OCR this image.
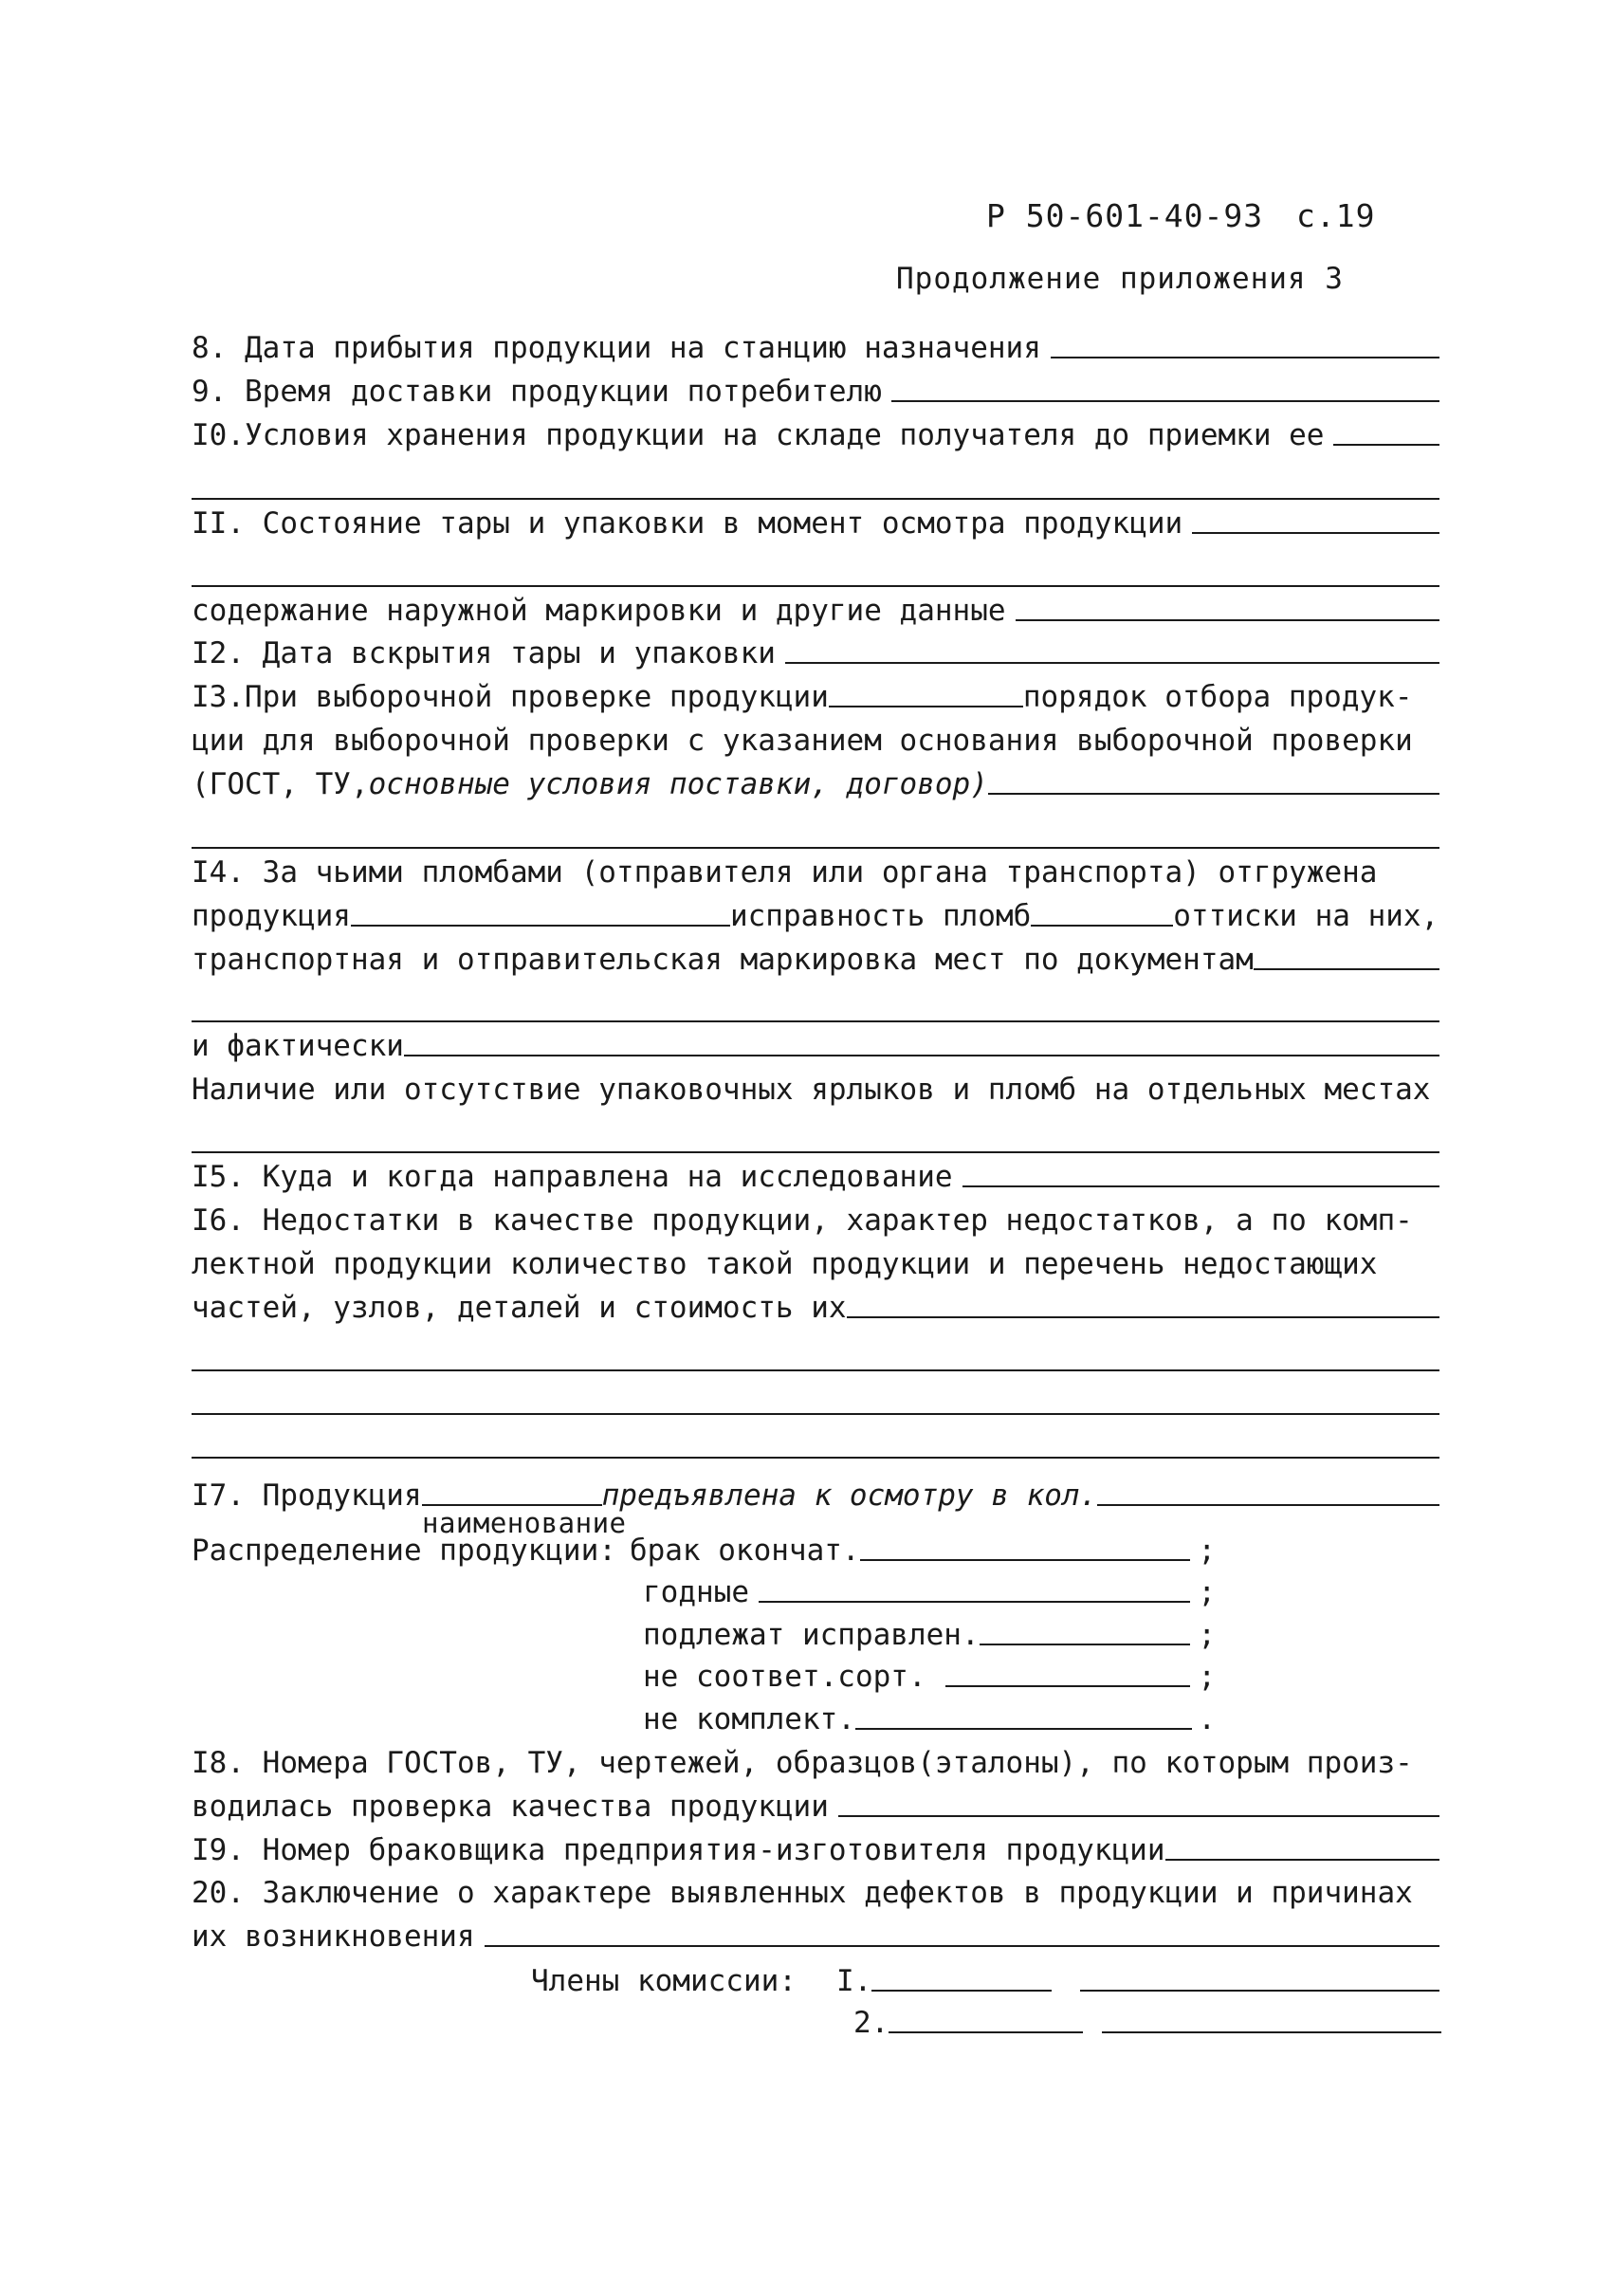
Р 50-601-40-93 с.19
Продолжение приложения 3
8. Дата прибытия продукции на станцию назначения
9. Время доставки продукции потребителю
I0.Условия хранения продукции на складе получателя до приемки ее
II. Состояние тары и упаковки в момент осмотра продукции
содержание наружной маркировки и другие данные
I2. Дата вскрытия тары и упаковки
I3.При выборочной проверке продукции	порядок отбора продук-
ции для выборочной проверки с указанием основания выборочной проверки
(ГОСТ, ТУ, основные условия поставки, договор)
I4. За чьими пломбами (отправителя или органа транспорта) отгружена
продукция	исправность пломб	оттиски на них,
транспортная и отправительская маркировка мест по документам
и фактически
Наличие или отсутствие упаковочных ярлыков и пломб на отдельных местах
I5. Куда и когда направлена на исследование
I6. Недостатки в качестве продукции, характер недостатков, а по комп-
лектной продукции количество такой продукции и перечень недостающих
частей, узлов, деталей и стоимость их
I7. Продукция	предъявлена к осмотру в кол.
наименование
Распределение продукции: брак окончат.	;
годные	;
подлежат исправлен.	;
не соответ.сорт.	;
не комплект.	.
I8. Номера ГОСТов, ТУ, чертежей, образцов(эталоны), по которым произ-
водилась проверка качества продукции
I9. Номер браковщика предприятия-изготовителя продукции
20. Заключение о характере выявленных дефектов в продукции и причинах
их возникновения
Члены комиссии: I.
2.
